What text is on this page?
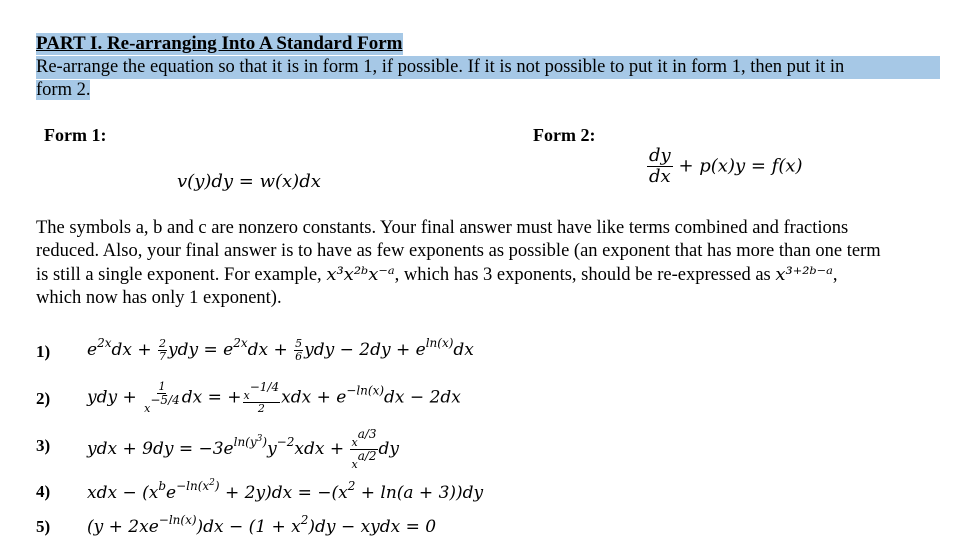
PART I. Re-arranging Into A Standard Form
Re-arrange the equation so that it is in form 1, if possible. If it is not possible to put it in form 1, then put it in
form 2.
Form 1:
v(y)dy = w(x)dx
Form 2:
$\frac{dy}{dx} + p(x)y = f(x)$
The symbols a, b and c are nonzero constants. Your final answer must have like terms combined and fractions
reduced. Also, your final answer is to have as few exponents as possible (an exponent that has more than one term
is still a single exponent. For example, x³x²ᵇx⁻ᵃ, which has 3 exponents, should be re-expressed as x³⁺²ᵇ⁻ᵃ,
which now has only 1 exponent).
1) $e^{2x}dx + \frac{2}{7}$ ydy = $e^{2x}dx + \frac{5}{6}$ ydy − $2dy + e^{ln(x)}dx$
2) ydy + $\frac{1}{x^{-5/4}}$ dx = + $\frac{x^{-1/4}}{2}$ xdx + $e^{-ln(x)}dx - 2dx$
3) ydx + $9dy = -3e^{ln(y^3)}y^{-2}xdx + \frac{x^{a/3}}{x^{a/2}}$ dy
4) xdx − $(x^be^{-ln(x^2)} + 2y)dx = -(x^2 + \ln(a + 3))dy$
5) $(y + 2xe^{-ln(x)})dx - (1 + x^2)dy$ − xydx = 0
